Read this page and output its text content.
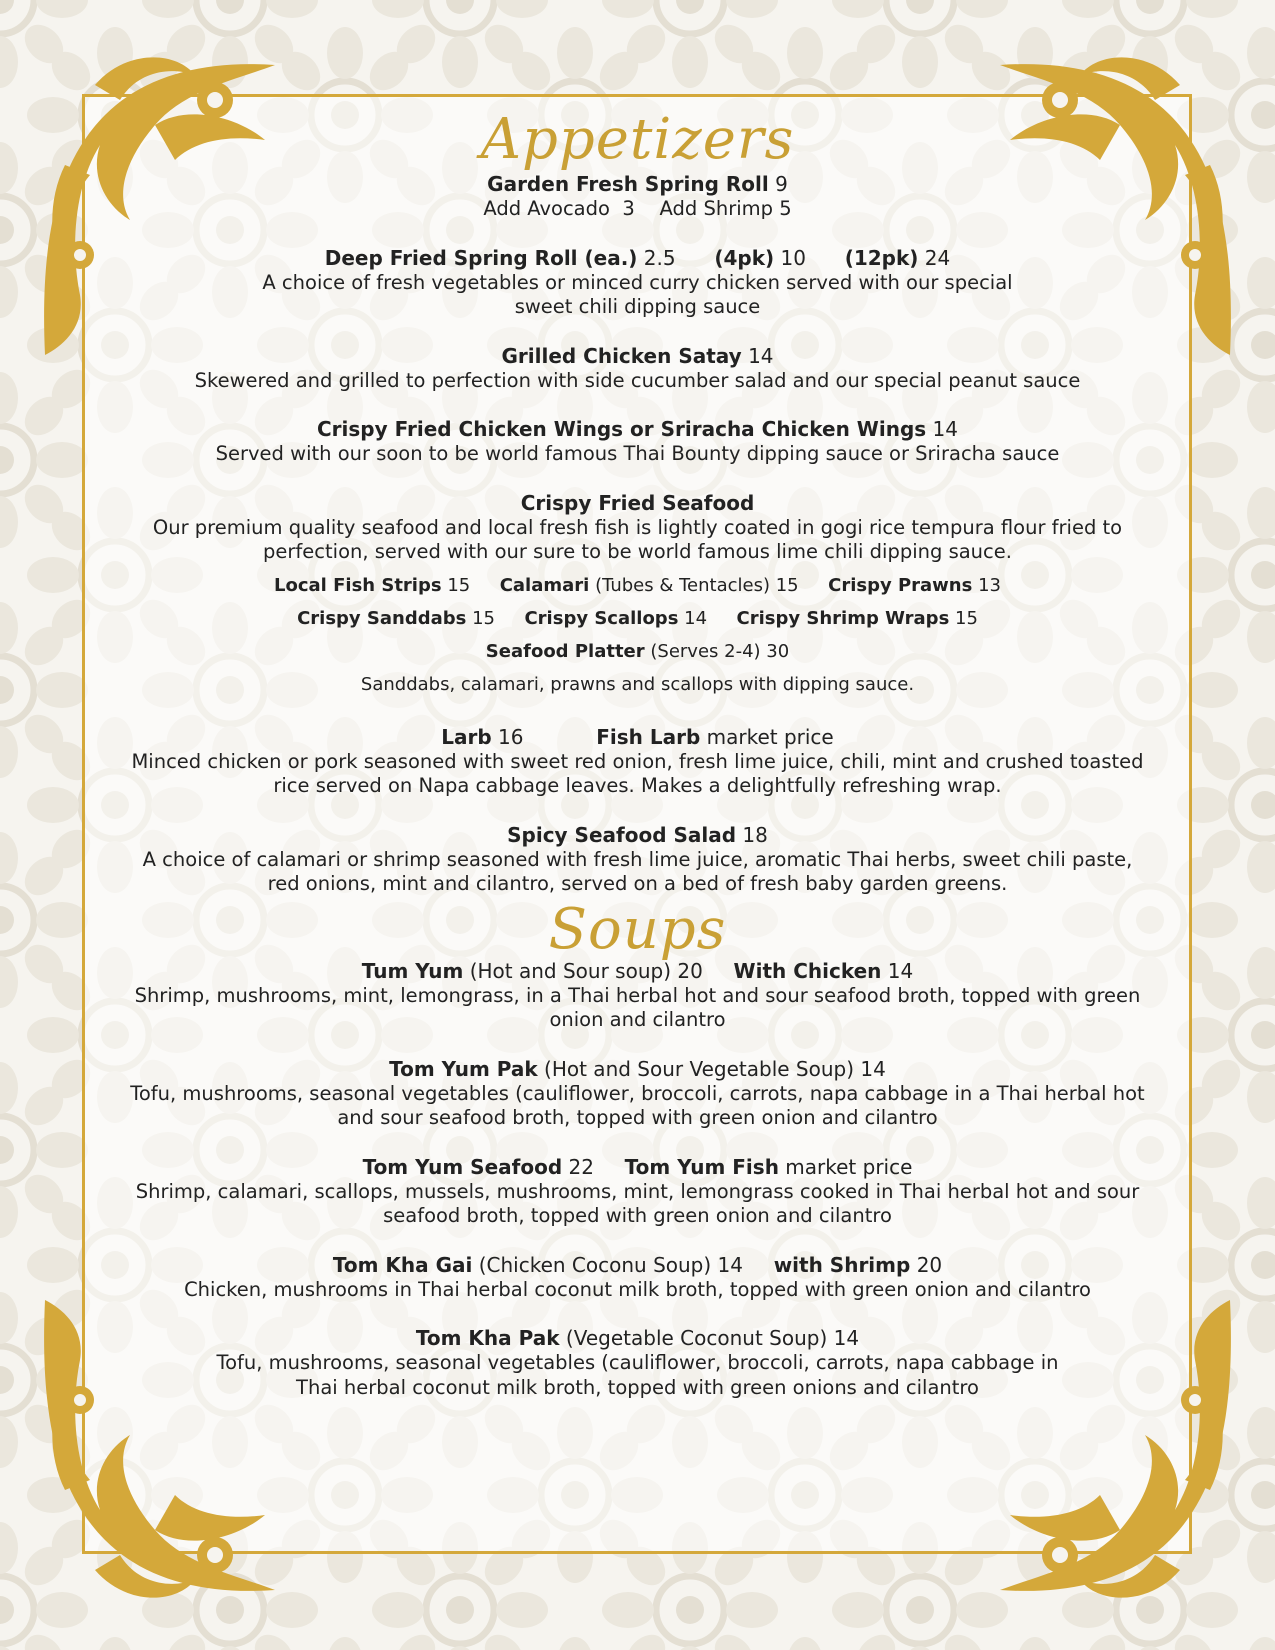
Appetizers
Garden Fresh Spring Roll 9
Add Avocado  3    Add Shrimp 5
Deep Fried Spring Roll (ea.) 2.5 (4pk) 10 (12pk) 24
A choice of fresh vegetables or minced curry chicken served with our special sweet chili dipping sauce
Grilled Chicken Satay 14
Skewered and grilled to perfection with side cucumber salad and our special peanut sauce
Crispy Fried Chicken Wings or Sriracha Chicken Wings 14
Served with our soon to be world famous Thai Bounty dipping sauce or Sriracha sauce
Crispy Fried Seafood
Our premium quality seafood and local fresh fish is lightly coated in gogi rice tempura flour fried to perfection, served with our sure to be world famous lime chili dipping sauce.
Local Fish Strips 15 Calamari (Tubes & Tentacles) 15 Crispy Prawns 13
Crispy Sanddabs 15 Crispy Scallops 14 Crispy Shrimp Wraps 15
Seafood Platter (Serves 2-4) 30
Sanddabs, calamari, prawns and scallops with dipping sauce.
Larb 16	Fish Larb market price
Minced chicken or pork seasoned with sweet red onion, fresh lime juice, chili, mint and crushed toasted rice served on Napa cabbage leaves. Makes a delightfully refreshing wrap.
Spicy Seafood Salad 18
A choice of calamari or shrimp seasoned with fresh lime juice, aromatic Thai herbs, sweet chili paste, red onions, mint and cilantro, served on a bed of fresh baby garden greens.
Soups
Tum Yum (Hot and Sour soup) 20 With Chicken 14
Shrimp, mushrooms, mint, lemongrass, in a Thai herbal hot and sour seafood broth, topped with green onion and cilantro
Tom Yum Pak (Hot and Sour Vegetable Soup) 14
Tofu, mushrooms, seasonal vegetables (cauliflower, broccoli, carrots, napa cabbage in a Thai herbal hot and sour seafood broth, topped with green onion and cilantro
Tom Yum Seafood 22 Tom Yum Fish market price
Shrimp, calamari, scallops, mussels, mushrooms, mint, lemongrass cooked in Thai herbal hot and sour seafood broth, topped with green onion and cilantro
Tom Kha Gai (Chicken Coconu Soup) 14 with Shrimp 20
Chicken, mushrooms in Thai herbal coconut milk broth, topped with green onion and cilantro
Tom Kha Pak (Vegetable Coconut Soup) 14
Tofu, mushrooms, seasonal vegetables (cauliflower, broccoli, carrots, napa cabbage in Thai herbal coconut milk broth, topped with green onions and cilantro
